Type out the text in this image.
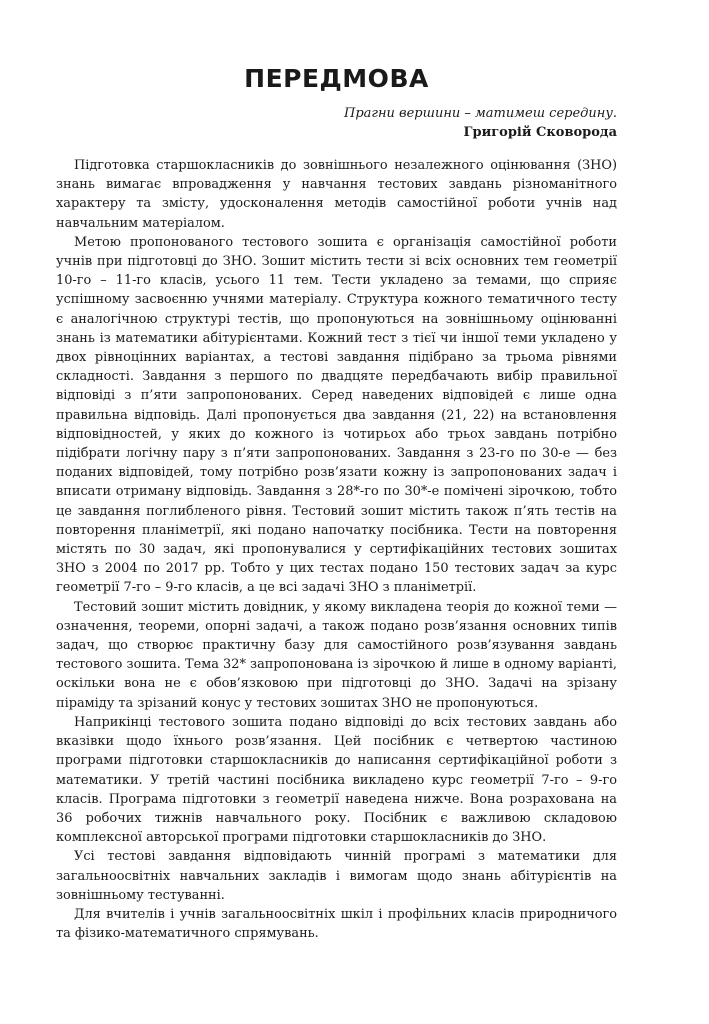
ПЕРЕДМОВА
Прагни вершини – матимеш середину.
Григорій Сковорода

Підготовка старшокласників до зовнішнього незалежного оцінювання (ЗНО) знань вимагає впровадження у навчання тестових завдань різноманітного характеру та змісту, удосконалення методів самостійної роботи учнів над навчальним матеріалом.

Метою пропонованого тестового зошита є організація самостійної роботи учнів при підготовці до ЗНО. Зошит містить тести зі всіх основних тем геометрії 10-го – 11-го класів, усього 11 тем. Тести укладено за темами, що сприяє успішному засвоєнню учнями матеріалу. Структура кожного тематичного тесту є аналогічною структурі тестів, що пропонуються на зовнішньому оцінюванні знань із математики абітурієнтами. Кожний тест з тієї чи іншої теми укладено у двох рівноцінних варіантах, а тестові завдання підібрано за трьома рівнями складності. Завдання з першого по двадцяте передбачають вибір правильної відповіді з п’яти запропонованих. Серед наведених відповідей є лише одна правильна відповідь. Далі пропонується два завдання (21, 22) на встановлення відповідностей, у яких до кожного із чотирьох або трьох завдань потрібно підібрати логічну пару з п’яти запропонованих. Завдання з 23-го по 30-е — без поданих відповідей, тому потрібно розв’язати кожну із запропонованих задач і вписати отриману відповідь. Завдання з 28*-го по 30*-е помічені зірочкою, тобто це завдання поглибленого рівня. Тестовий зошит містить також п’ять тестів на повторення планіметрії, які подано напочатку посібника. Тести на повторення містять по 30 задач, які пропонувалися у сертифікаційних тестових зошитах ЗНО з 2004 по 2017 рр. Тобто у цих тестах подано 150 тестових задач за курс геометрії 7-го – 9-го класів, а це всі задачі ЗНО з планіметрії.

Тестовий зошит містить довідник, у якому викладена теорія до кожної теми — означення, теореми, опорні задачі, а також подано розв’язання основних типів задач, що створює практичну базу для самостійного розв’язування завдань тестового зошита. Тема 32* запропонована із зірочкою й лише в одному варіанті, оскільки вона не є обов’язковою при підготовці до ЗНО. Задачі на зрізану піраміду та зрізаний конус у тестових зошитах ЗНО не пропонуються.

Наприкінці тестового зошита подано відповіді до всіх тестових завдань або вказівки щодо їхнього розв’язання. Цей посібник є четвертою частиною програми підготовки старшокласників до написання сертифікаційної роботи з математики. У третій частині посібника викладено курс геометрії 7-го – 9-го класів. Програма підготовки з геометрії наведена нижче. Вона розрахована на 36 робочих тижнів навчального року. Посібник є важливою складовою комплексної авторської програми підготовки старшокласників до ЗНО.

Усі тестові завдання відповідають чинній програмі з математики для загальноосвітніх навчальних закладів і вимогам щодо знань абітурієнтів на зовнішньому тестуванні.

Для вчителів і учнів загальноосвітніх шкіл і профільних класів природничого та фізико-математичного спрямувань.
